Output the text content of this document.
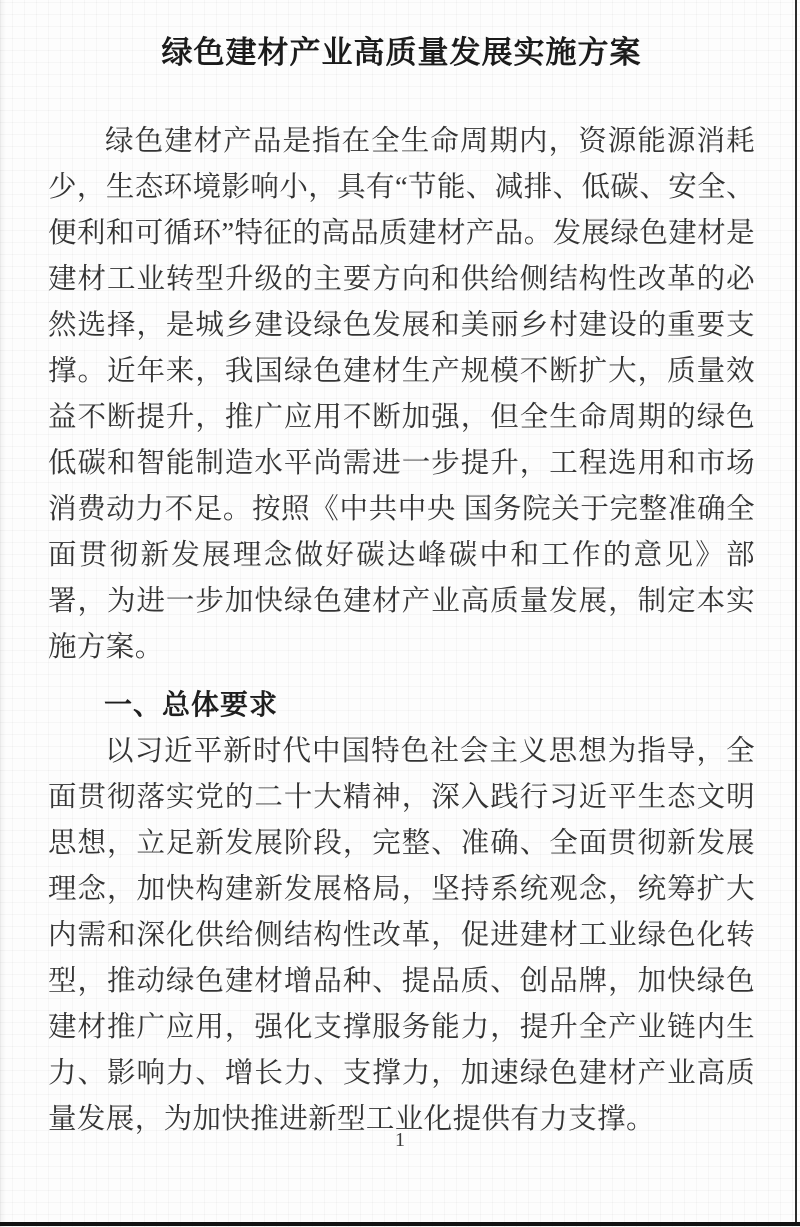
绿色建材产业高质量发展实施方案

绿色建材产品是指在全生命周期内，资源能源消耗少，生态环境影响小，具有“节能、减排、低碳、安全、便利和可循环”特征的高品质建材产品。发展绿色建材是建材工业转型升级的主要方向和供给侧结构性改革的必然选择，是城乡建设绿色发展和美丽乡村建设的重要支撑。近年来，我国绿色建材生产规模不断扩大，质量效益不断提升，推广应用不断加强，但全生命周期的绿色低碳和智能制造水平尚需进一步提升，工程选用和市场消费动力不足。按照《中共中央 国务院关于完整准确全面贯彻新发展理念做好碳达峰碳中和工作的意见》部署，为进一步加快绿色建材产业高质量发展，制定本实施方案。

一、总体要求

以习近平新时代中国特色社会主义思想为指导，全面贯彻落实党的二十大精神，深入践行习近平生态文明思想，立足新发展阶段，完整、准确、全面贯彻新发展理念，加快构建新发展格局，坚持系统观念，统筹扩大内需和深化供给侧结构性改革，促进建材工业绿色化转型，推动绿色建材增品种、提品质、创品牌，加快绿色建材推广应用，强化支撑服务能力，提升全产业链内生力、影响力、增长力、支撑力，加速绿色建材产业高质量发展，为加快推进新型工业化提供有力支撑。

1
